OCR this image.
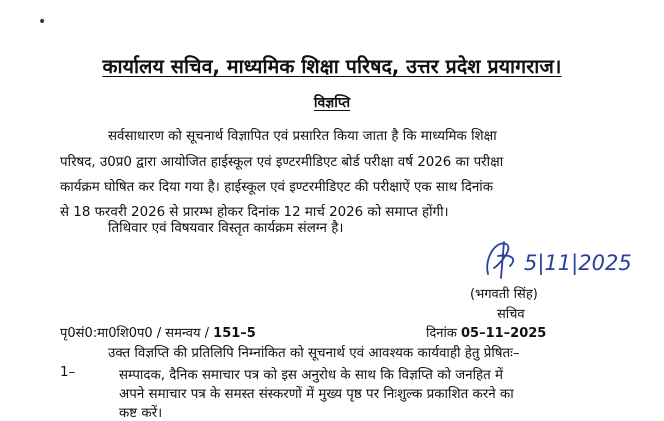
•
कार्यालय सचिव, माध्यमिक शिक्षा परिषद, उत्तर प्रदेश प्रयागराज।
विज्ञप्ति
सर्वसाधारण को सूचनार्थ विज्ञापित एवं प्रसारित किया जाता है कि माध्यमिक शिक्षा
परिषद, उ0प्र0 द्वारा आयोजित हाईस्कूल एवं इण्टरमीडिएट बोर्ड परीक्षा वर्ष 2026 का परीक्षा
कार्यक्रम घोषित कर दिया गया है। हाईस्कूल एवं इण्टरमीडिएट की परीक्षाऐं एक साथ दिनांक
से 18 फरवरी 2026 से प्रारम्भ होकर दिनांक 12 मार्च 2026 को समाप्त होंगी।
तिथिवार एवं विषयवार विस्तृत कार्यक्रम संलग्न है।
5|11|2025
(भगवती सिंह)
सचिव
पृ0सं0:मा0शि0प0 / समन्वय / 151–5	दिनांक 05–11–2025
उक्त विज्ञप्ति की प्रतिलिपि निम्नांकित को सूचनार्थ एवं आवश्यक कार्यवाही हेतु प्रेषितः–
1–	सम्पादक, दैनिक समाचार पत्र को इस अनुरोध के साथ कि विज्ञप्ति को जनहित में
अपने समाचार पत्र के समस्त संस्करणों में मुख्य पृष्ठ पर निःशुल्क प्रकाशित करने का
कष्ट करें।
